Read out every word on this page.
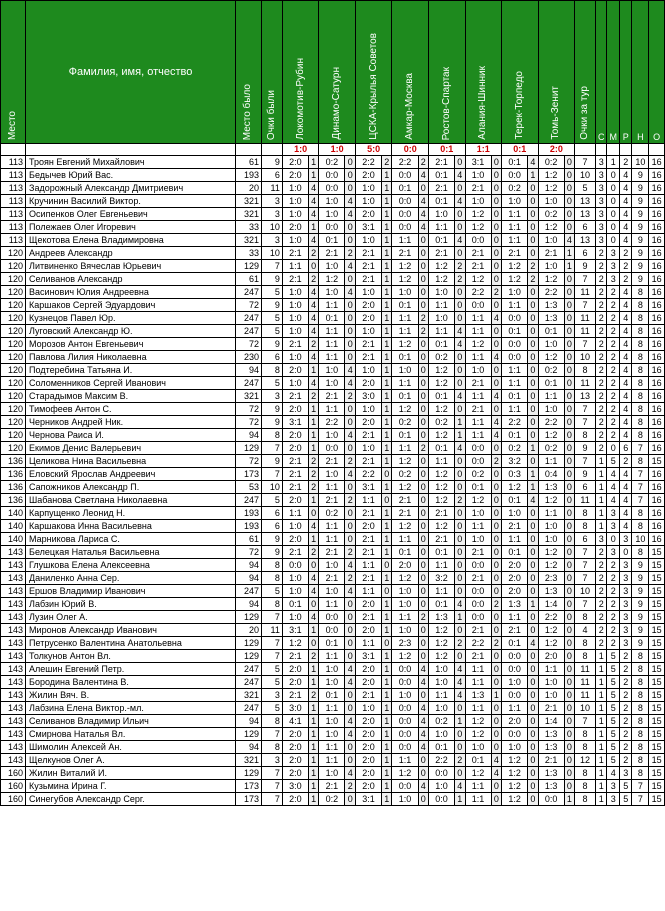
Место	Фамилия, имя, отчество	Место было	Очки были	Локомотив-Рубин		Динамо-Сатурн		ЦСКА-Крылья Советов		Амкар-Москва		Ростов-Спартак		Алания-Шинник		Терек-Торпедо		Томь-Зенит		Очки за тур	С	М	Р	Н	О
				1:0		1:0		5:0		0:0		0:1		1:1		0:1		2:0							
113	Троян Евгений Михайлович	61	9	2:0	1	0:2	0	2:2	2	2:2	2	2:1	0	3:1	0	0:1	4	0:2	0	7	3	1	2	10	16
113	Бедычев Юрий Вас.	193	6	2:0	1	0:0	0	2:0	1	0:0	4	0:1	4	1:0	0	0:0	1	1:2	0	10	3	0	4	9	16
113	Задорожный Александр Дмитриевич	20	11	1:0	4	0:0	0	1:0	1	0:1	0	2:1	0	2:1	0	0:2	0	1:2	0	5	3	0	4	9	16
113	Кручинин Василий Виктор.	321	3	1:0	4	1:0	4	1:0	1	0:0	4	0:1	4	1:0	0	1:0	0	1:0	0	13	3	0	4	9	16
113	Осипенков Олег Евгеньевич	321	3	1:0	4	1:0	4	2:0	1	0:0	4	1:0	0	1:2	0	1:1	0	0:2	0	13	3	0	4	9	16
113	Полежаев Олег Игоревич	33	10	2:0	1	0:0	0	3:1	1	0:0	4	1:1	0	1:2	0	1:1	0	1:2	0	6	3	0	4	9	16
113	Щекотова Елена Владимировна	321	3	1:0	4	0:1	0	1:0	1	1:1	0	0:1	4	0:0	0	1:1	0	1:0	4	13	3	0	4	9	16
120	Андреев Александр	33	10	2:1	2	2:1	2	2:1	1	2:1	0	2:1	0	2:1	0	2:1	0	2:1	1	6	2	3	2	9	16
120	Литвиненко Вячеслав Юрьевич	129	7	1:1	0	1:0	4	2:1	1	1:2	0	1:2	2	2:1	0	1:2	2	1:0	1	9	2	3	2	9	16
120	Селиванов Александр	61	9	2:1	2	1:2	0	2:1	1	1:2	0	1:2	2	1:2	0	1:2	2	1:2	0	7	2	3	2	9	16
120	Васинович Юлия Андреевна	247	5	1:0	4	1:0	4	1:0	1	1:0	0	1:0	0	2:2	2	1:0	0	2:2	0	11	2	2	4	8	16
120	Каршаков Сергей Эдуардович	72	9	1:0	4	1:1	0	2:0	1	0:1	0	1:1	0	0:0	0	1:1	0	1:3	0	7	2	2	4	8	16
120	Кузнецов Павел Юр.	247	5	1:0	4	0:1	0	2:0	1	1:1	2	1:0	0	1:1	4	0:0	0	1:3	0	11	2	2	4	8	16
120	Луговский Александр Ю.	247	5	1:0	4	1:1	0	1:0	1	1:1	2	1:1	4	1:1	0	0:1	0	0:1	0	11	2	2	4	8	16
120	Морозов Антон Евгеньевич	72	9	2:1	2	1:1	0	2:1	1	1:2	0	0:1	4	1:2	0	0:0	0	1:0	0	7	2	2	4	8	16
120	Павлова Лилия Николаевна	230	6	1:0	4	1:1	0	2:1	1	0:1	0	0:2	0	1:1	4	0:0	0	1:2	0	10	2	2	4	8	16
120	Подтеребина Татьяна И.	94	8	2:0	1	1:0	4	1:0	1	1:0	0	1:2	0	1:0	0	1:1	0	0:2	0	8	2	2	4	8	16
120	Соломенников Сергей Иванович	247	5	1:0	4	1:0	4	2:0	1	1:1	0	1:2	0	2:1	0	1:1	0	0:1	0	11	2	2	4	8	16
120	Старадымов Максим В.	321	3	2:1	2	2:1	2	3:0	1	0:1	0	0:1	4	1:1	4	0:1	0	1:1	0	13	2	2	4	8	16
120	Тимофеев Антон С.	72	9	2:0	1	1:1	0	1:0	1	1:2	0	1:2	0	2:1	0	1:1	0	1:0	0	7	2	2	4	8	16
120	Черников Андрей Ник.	72	9	3:1	1	2:2	0	2:0	1	0:2	0	0:2	1	1:1	4	2:2	0	2:2	0	7	2	2	4	8	16
120	Чернова Раиса И.	94	8	2:0	1	1:0	4	2:1	1	0:1	0	1:2	1	1:1	4	0:1	0	1:2	0	8	2	2	4	8	16
120	Екимов Денис Валерьевич	129	7	2:0	1	0:0	0	1:0	1	1:1	2	0:1	4	0:0	0	0:2	1	0:2	0	9	2	0	6	7	16
136	Целикова Нина Васильевна	72	9	2:1	2	2:1	2	2:1	1	1:2	0	1:1	0	0:0	2	3:2	0	1:1	0	7	1	5	2	8	15
136	Еловский Ярослав Андреевич	173	7	2:1	2	1:0	4	2:2	0	0:2	0	1:2	0	0:2	0	0:3	1	0:4	0	9	1	4	4	7	16
136	Сапожников Александр П.	53	10	2:1	2	1:1	0	3:1	1	1:2	0	1:2	0	0:1	0	1:2	1	1:3	0	6	1	4	4	7	16
136	Шабанова Светлана Николаевна	247	5	2:0	1	2:1	2	1:1	0	2:1	0	1:2	2	1:2	0	0:1	4	1:2	0	11	1	4	4	7	16
140	Карпущенко Леонид Н.	193	6	1:1	0	0:2	0	2:1	1	2:1	0	2:1	0	1:0	0	1:0	0	1:1	0	8	1	3	4	8	16
140	Каршакова Инна Васильевна	193	6	1:0	4	1:1	0	2:0	1	1:2	0	1:2	0	1:1	0	2:1	0	1:0	0	8	1	3	4	8	16
140	Марникова Лариса С.	61	9	2:0	1	1:1	0	2:1	1	1:1	0	2:1	0	1:0	0	1:1	0	1:0	0	6	3	0	3	10	16
143	Белецкая Наталья Васильевна	72	9	2:1	2	2:1	2	2:1	1	0:1	0	0:1	0	2:1	0	0:1	0	1:2	0	7	2	3	0	8	15
143	Глушкова Елена Алексеевна	94	8	0:0	0	1:0	4	1:1	0	2:0	0	1:1	0	0:0	0	2:0	0	1:2	0	7	2	2	3	9	15
143	Даниленко Анна Сер.	94	8	1:0	4	2:1	2	2:1	1	1:2	0	3:2	0	2:1	0	2:0	0	2:3	0	7	2	2	3	9	15
143	Ершов Владимир Иванович	247	5	1:0	4	1:0	4	1:1	0	1:0	0	1:1	0	0:0	0	2:0	0	1:3	0	10	2	2	3	9	15
143	Лабзин Юрий В.	94	8	0:1	0	1:1	0	2:0	1	1:0	0	0:1	4	0:0	2	1:3	1	1:4	0	7	2	2	3	9	15
143	Лузин Олег А.	129	7	1:0	4	0:0	0	2:1	1	1:1	2	1:3	1	0:0	0	1:1	0	2:2	0	8	2	2	3	9	15
143	Миронов Александр Иванович	20	11	3:1	1	0:0	0	2:0	1	1:0	0	1:2	0	2:1	0	2:1	0	1:2	0	4	2	2	3	9	15
143	Петрусенко Валентина Анатольевна	129	7	1:2	0	0:1	0	1:1	0	2:3	0	1:2	2	2:2	2	0:1	4	1:2	0	8	2	2	3	9	15
143	Толкунов Антон Вл.	129	7	2:1	2	1:1	0	3:1	1	1:2	0	1:2	0	2:1	0	0:0	0	2:0	0	8	1	5	2	8	15
143	Алешин Евгений Петр.	247	5	2:0	1	1:0	4	2:0	1	0:0	4	1:0	4	1:1	0	0:0	0	1:1	0	11	1	5	2	8	15
143	Бородина Валентина В.	247	5	2:0	1	1:0	4	2:0	1	0:0	4	1:0	4	1:1	0	1:0	0	1:0	0	11	1	5	2	8	15
143	Жилин Вяч. В.	321	3	2:1	2	0:1	0	2:1	1	1:0	0	1:1	4	1:3	1	0:0	0	1:0	0	11	1	5	2	8	15
143	Лабзина Елена Виктор.-мл.	247	5	3:0	1	1:1	0	1:0	1	0:0	4	1:0	0	1:1	0	1:1	0	2:1	0	10	1	5	2	8	15
143	Селиванов Владимир Ильич	94	8	4:1	1	1:0	4	2:0	1	0:0	4	0:2	1	1:2	0	2:0	0	1:4	0	7	1	5	2	8	15
143	Смирнова Наталья Вл.	129	7	2:0	1	1:0	4	2:0	1	0:0	4	1:0	0	1:2	0	0:0	0	1:3	0	8	1	5	2	8	15
143	Шимолин Алексей Ан.	94	8	2:0	1	1:1	0	2:0	1	0:0	4	0:1	0	1:0	0	1:0	0	1:3	0	8	1	5	2	8	15
143	Щелкунов Олег А.	321	3	2:0	1	1:1	0	2:0	1	1:1	0	2:2	2	0:1	4	1:2	0	2:1	0	12	1	5	2	8	15
160	Жилин Виталий И.	129	7	2:0	1	1:0	4	2:0	1	1:2	0	0:0	0	1:2	4	1:2	0	1:3	0	8	1	4	3	8	15
160	Кузьмина Ирина Г.	173	7	3:0	1	2:1	2	2:0	1	0:0	4	1:0	4	1:1	0	1:2	0	1:3	0	8	1	3	5	7	15
160	Синегубов Александр Серг.	173	7	2:0	1	0:2	0	3:1	1	1:0	0	0:0	1	1:1	0	1:2	0	0:0	1	8	1	3	5	7	15
